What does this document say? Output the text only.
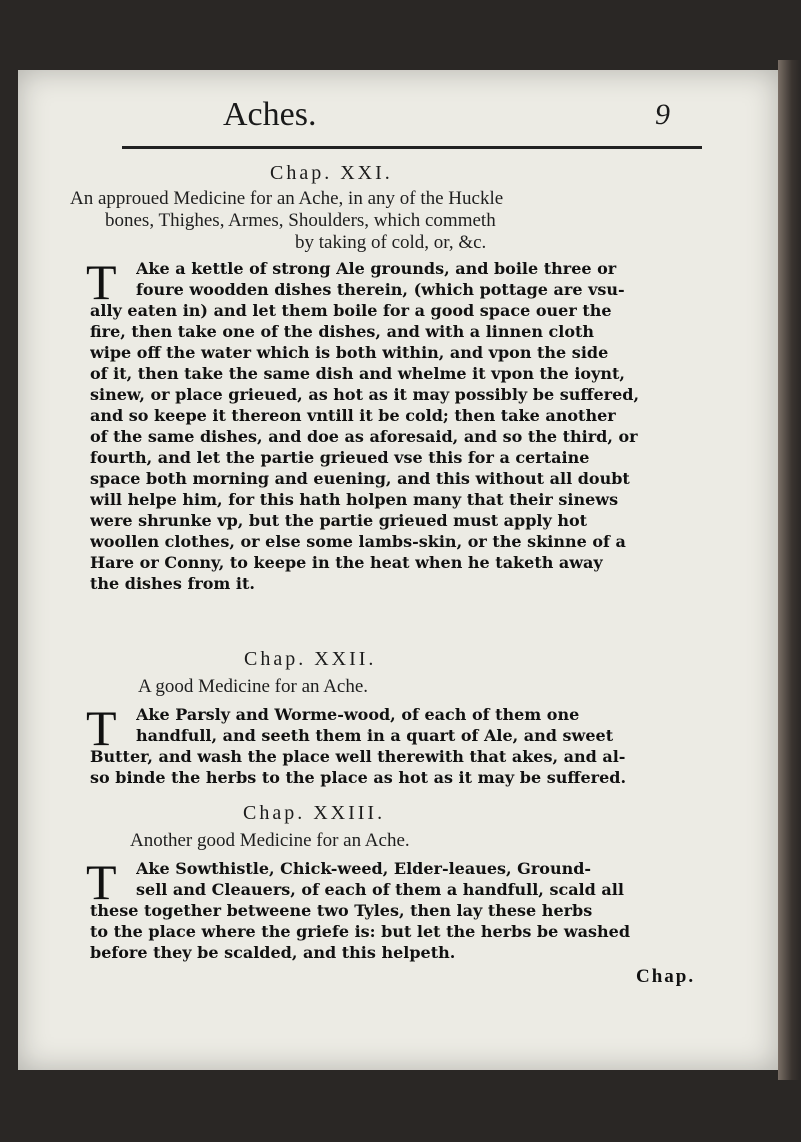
Aches.	9
Chap. XXI.
An approued Medicine for an Ache, in any of the Huckle
bones, Thighes, Armes, Shoulders, which commeth
by taking of cold, or, &c.
T Ake a kettle of strong Ale grounds, and boile three or
foure woodden dishes therein, (which pottage are vsu-
ally eaten in) and let them boile for a good space ouer the
fire, then take one of the dishes, and with a linnen cloth
wipe off the water which is both within, and vpon the side
of it, then take the same dish and whelme it vpon the ioynt,
sinew, or place grieued, as hot as it may possibly be suffered,
and so keepe it thereon vntill it be cold; then take another
of the same dishes, and doe as aforesaid, and so the third, or
fourth, and let the partie grieued vse this for a certaine
space both morning and euening, and this without all doubt
will helpe him, for this hath holpen many that their sinews
were shrunke vp, but the partie grieued must apply hot
woollen clothes, or else some lambs-skin, or the skinne of a
Hare or Conny, to keepe in the heat when he taketh away
the dishes from it.
Chap. XXII.
A good Medicine for an Ache.
T Ake Parsly and Worme-wood, of each of them one
handfull, and seeth them in a quart of Ale, and sweet
Butter, and wash the place well therewith that akes, and al-
so binde the herbs to the place as hot as it may be suffered.
Chap. XXIII.
Another good Medicine for an Ache.
T Ake Sowthistle, Chick-weed, Elder-leaues, Ground-
sell and Cleauers, of each of them a handfull, scald all
these together betweene two Tyles, then lay these herbs
to the place where the griefe is: but let the herbs be washed
before they be scalded, and this helpeth.
Chap.
